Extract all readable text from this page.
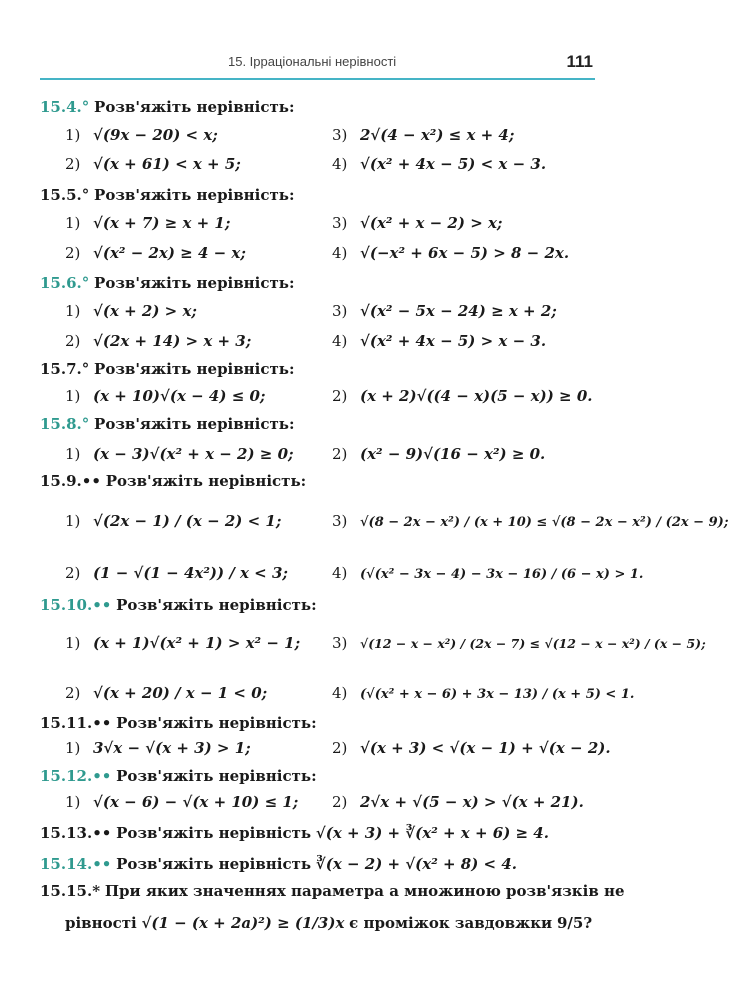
15. Ірраціональні нерівності	111
15.4.° Розв'яжіть нерівність:
1) √(9x − 20) < x;	3) 2√(4 − x²) ≤ x + 4;
2) √(x + 61) < x + 5;	4) √(x² + 4x − 5) < x − 3.
15.5.° Розв'яжіть нерівність:
1) √(x + 7) ≥ x + 1;	3) √(x² + x − 2) > x;
2) √(x² − 2x) ≥ 4 − x;	4) √(−x² + 6x − 5) > 8 − 2x.
15.6.° Розв'яжіть нерівність:
1) √(x + 2) > x;	3) √(x² − 5x − 24) ≥ x + 2;
2) √(2x + 14) > x + 3;	4) √(x² + 4x − 5) > x − 3.
15.7.° Розв'яжіть нерівність:
1) (x + 10)√(x − 4) ≤ 0;	2) (x + 2)√((4 − x)(5 − x)) ≥ 0.
15.8.° Розв'яжіть нерівність:
1) (x − 3)√(x² + x − 2) ≥ 0;	2) (x² − 9)√(16 − x²) ≥ 0.
15.9.•• Розв'яжіть нерівність:
1) √(2x − 1) / (x − 2) < 1;	3) √(8 − 2x − x²) / (x + 10) ≤ √(8 − 2x − x²) / (2x − 9);
2) (1 − √(1 − 4x²)) / x < 3;	4) (√(x² − 3x − 4) − 3x − 16) / (6 − x) > 1.
15.10.•• Розв'яжіть нерівність:
1) (x + 1)√(x² + 1) > x² − 1; 3) √(12 − x − x²) / (2x − 7) ≤ √(12 − x − x²) / (x − 5);
2) √(x + 20) / x − 1 < 0;	4) (√(x² + x − 6) + 3x − 13) / (x + 5) < 1.
15.11.•• Розв'яжіть нерівність:
1) 3√x − √(x + 3) > 1;	2) √(x + 3) < √(x − 1) + √(x − 2).
15.12.•• Розв'яжіть нерівність:
1) √(x − 6) − √(x + 10) ≤ 1; 2) 2√x + √(5 − x) > √(x + 21).
15.13.•• Розв'яжіть нерівність √(x + 3) + ∛(x² + x + 6) ≥ 4.
15.14.•• Розв'яжіть нерівність ∛(x − 2) + √(x² + 8) < 4.
15.15.* При яких значеннях параметра a множиною розв'язків не
рівності √(1 − (x + 2a)²) ≥ (1/3)x є проміжок завдовжки 9/5?
